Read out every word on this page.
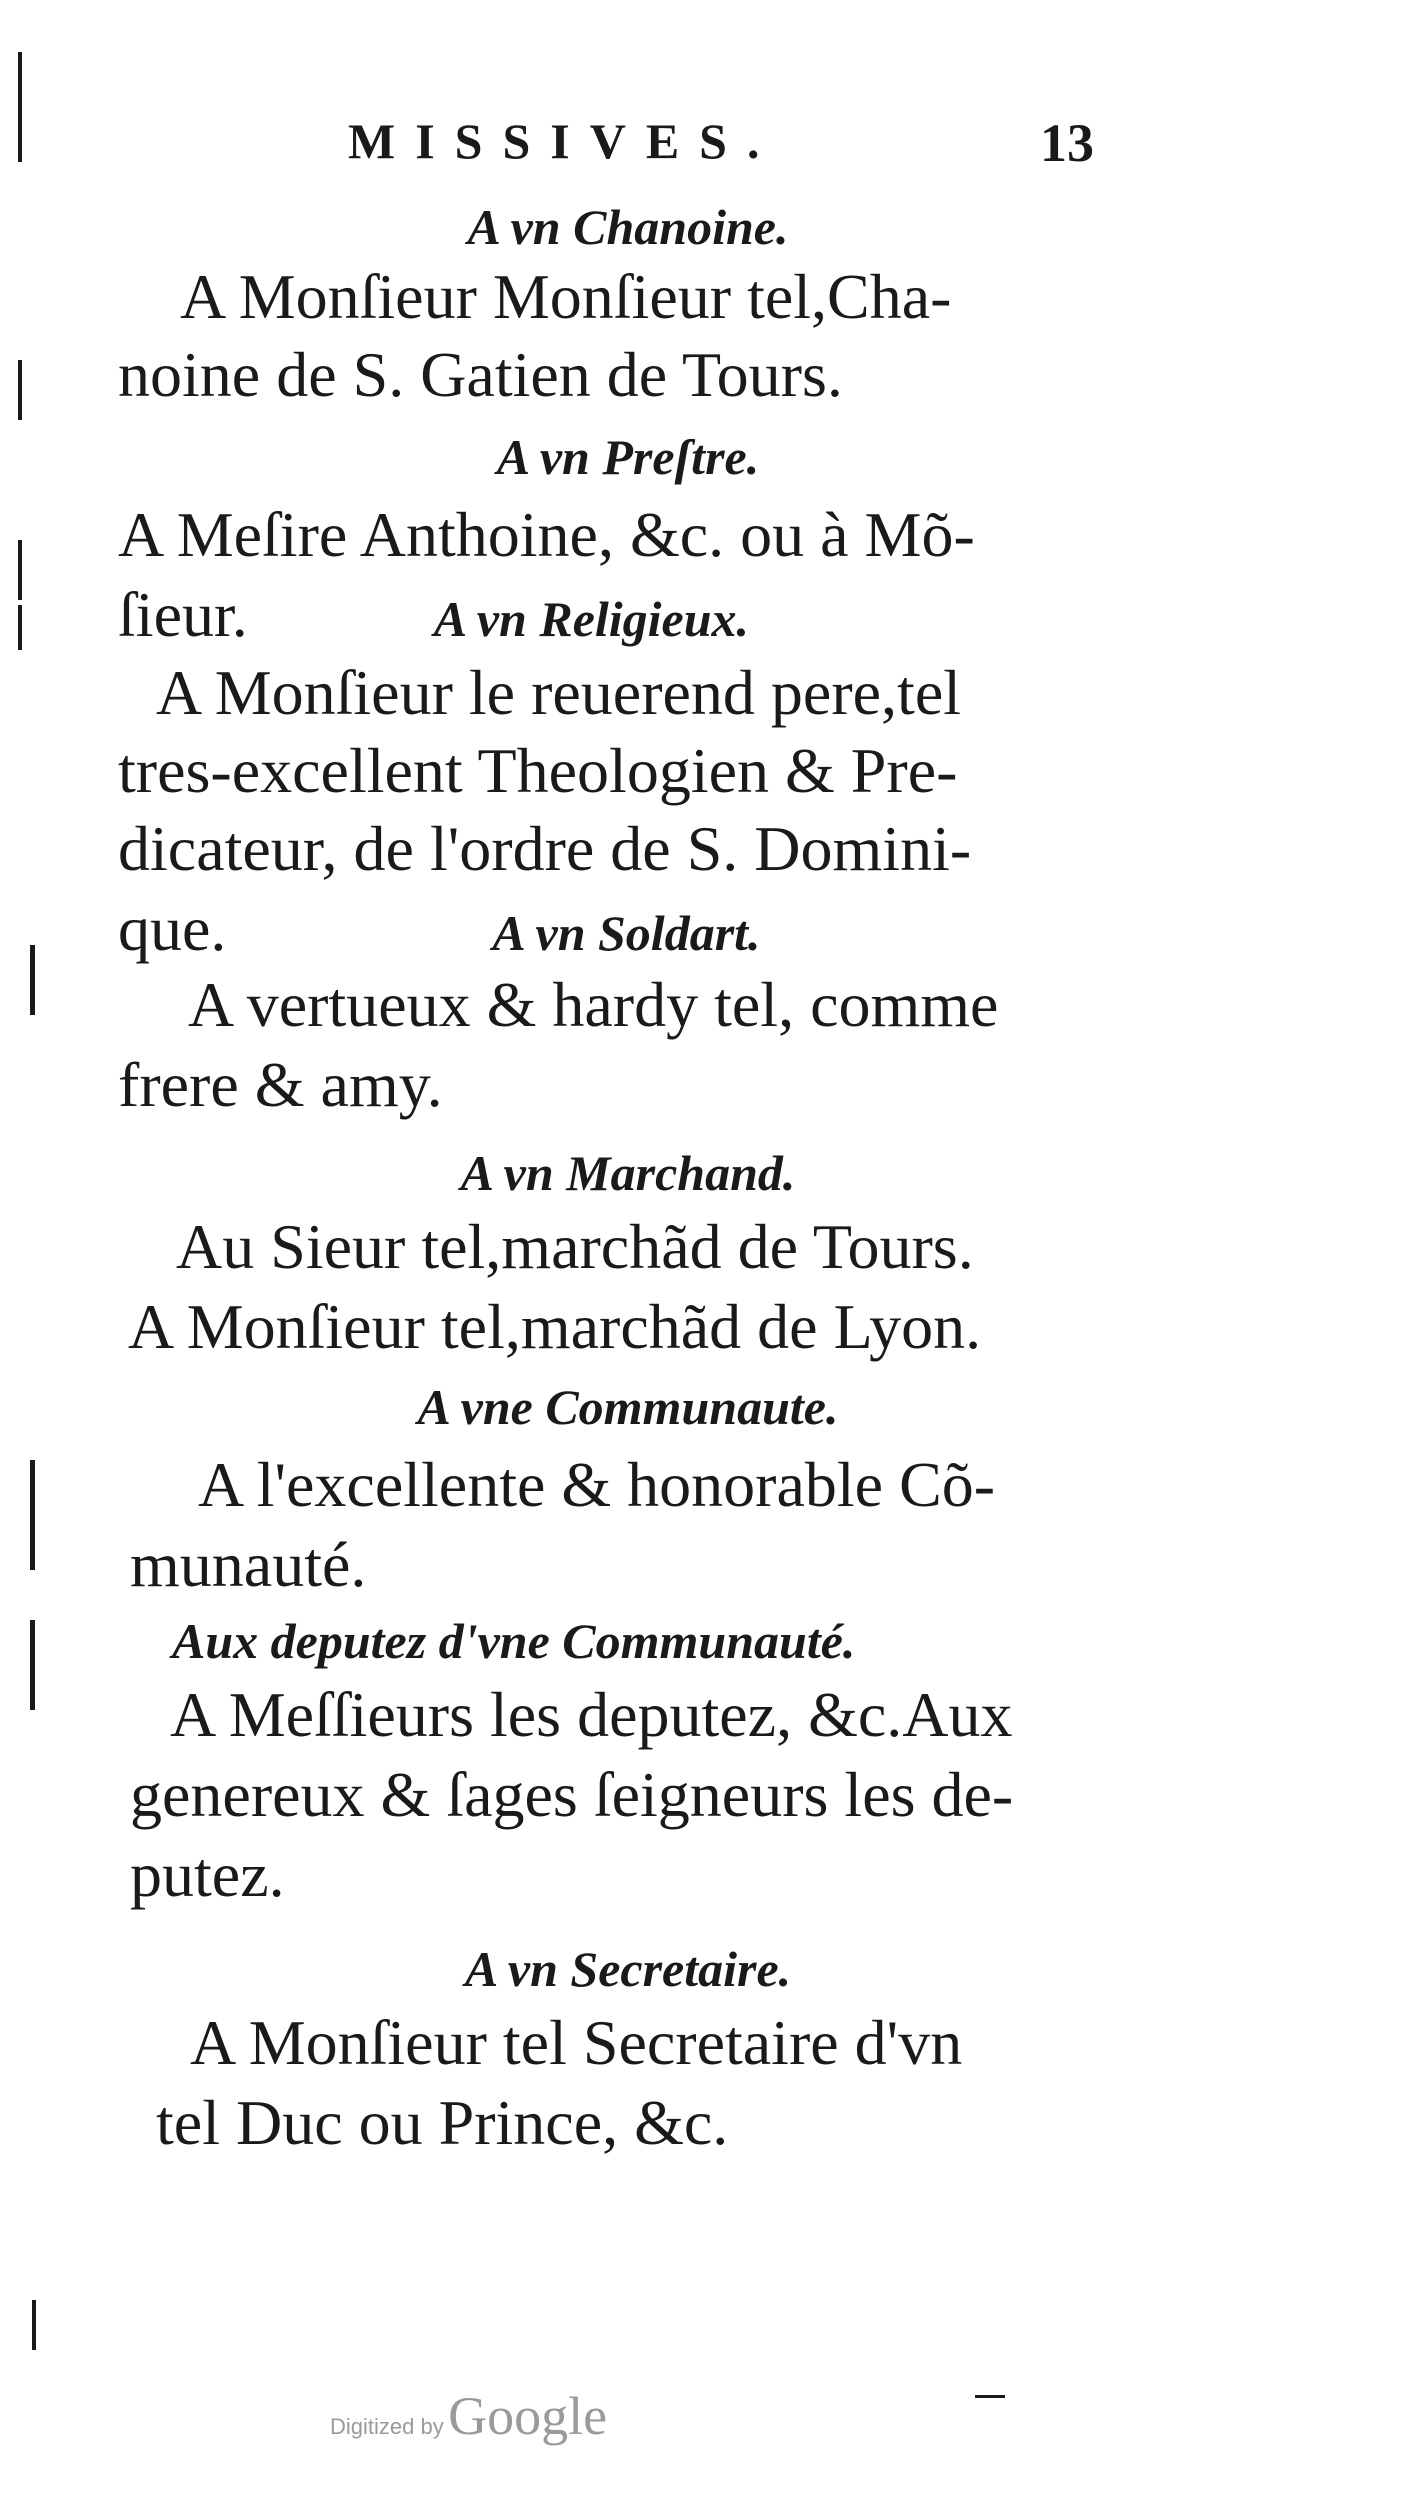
MISSIVES.	13
A vn Chanoine.
A Monſieur Monſieur tel,Cha-
noine de S. Gatien de Tours.
A vn Preſtre.
A Meſire Anthoine, &c. ou à Mõ-
ſieur.	A vn Religieux.
A Monſieur le reuerend pere,tel
tres-excellent Theologien & Pre-
dicateur, de l'ordre de S. Domini-
que.	A vn Soldart.
A vertueux & hardy tel, comme
frere & amy.
A vn Marchand.
Au Sieur tel,marchãd de Tours.
A Monſieur tel,marchãd de Lyon.
A vne Communaute.
A l'excellente & honorable Cõ-
munauté.
Aux deputez d'vne Communauté.
A Meſſieurs les deputez, &c.Aux
genereux & ſages ſeigneurs les de-
putez.
A vn Secretaire.
A Monſieur tel Secretaire d'vn
tel Duc ou Prince, &c.
Digitized by Google
